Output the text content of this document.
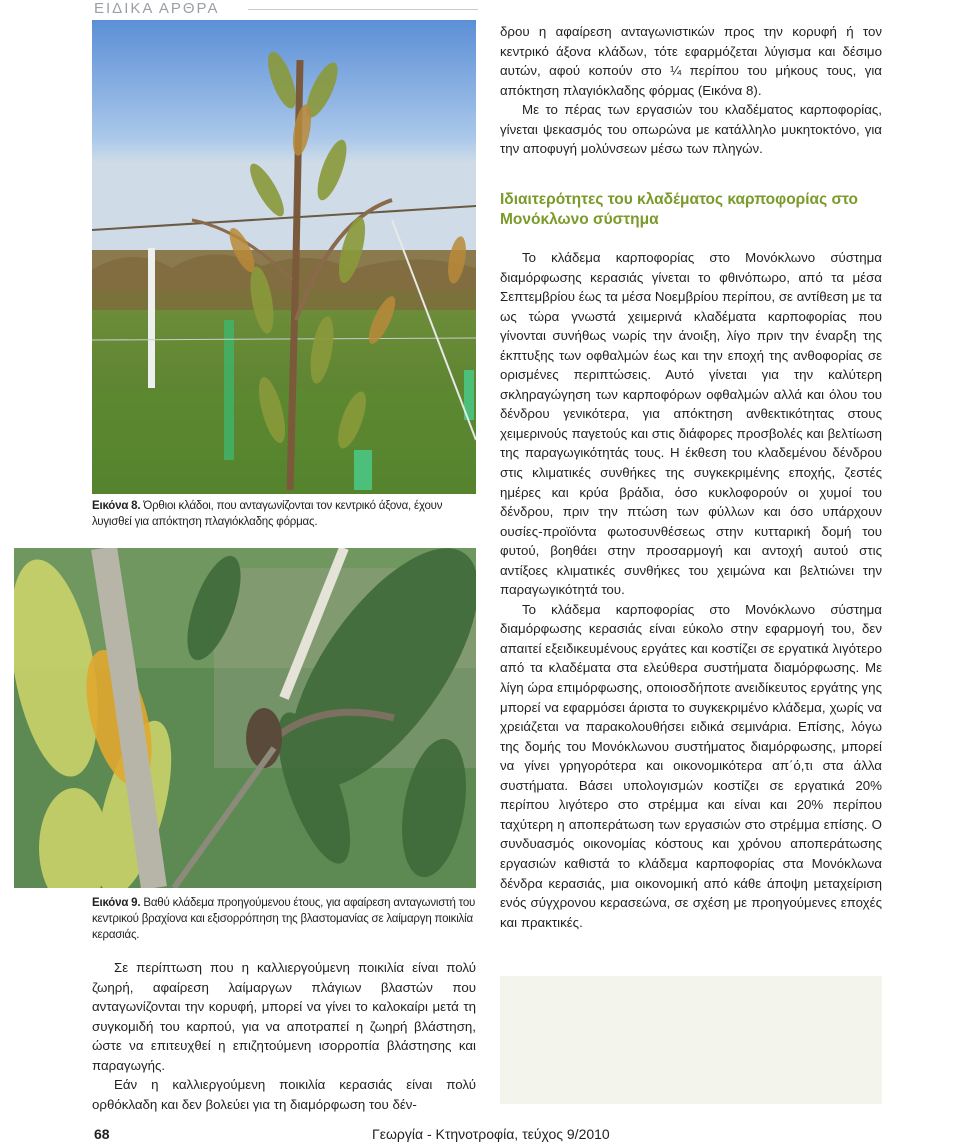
ΕΙΔΙΚΑ ΑΡΘΡΑ
Εικόνα 8. Όρθιοι κλάδοι, που ανταγωνίζονται τον κεντρικό άξονα, έχουν λυγισθεί για απόκτηση πλαγιόκλαδης φόρμας.
Εικόνα 9. Βαθύ κλάδεμα προηγούμενου έτους, για αφαίρεση ανταγωνιστή του κεντρικού βραχίονα και εξισορρόπηση της βλαστομανίας σε λαίμαργη ποικιλία κερασιάς.

Σε περίπτωση που η καλλιεργούμενη ποικιλία είναι πολύ ζωηρή, αφαίρεση λαίμαργων πλάγιων βλαστών που ανταγωνίζονται την κορυφή, μπορεί να γίνει το καλοκαίρι μετά τη συγκομιδή του καρπού, για να αποτραπεί η ζωηρή βλάστηση, ώστε να επιτευχθεί η επιζητούμενη ισορροπία βλάστησης και παραγωγής.

Εάν η καλλιεργούμενη ποικιλία κερασιάς είναι πολύ ορθόκλαδη και δεν βολεύει για τη διαμόρφωση του δέν-

δρου η αφαίρεση ανταγωνιστικών προς την κορυφή ή τον κεντρικό άξονα κλάδων, τότε εφαρμόζεται λύγισμα και δέσιμο αυτών, αφού κοπούν στο ¼ περίπου του μήκους τους, για απόκτηση πλαγιόκλαδης φόρμας (Εικόνα 8).

Με το πέρας των εργασιών του κλαδέματος καρποφορίας, γίνεται ψεκασμός του οπωρώνα με κατάλληλο μυκητοκτόνο, για την αποφυγή μολύνσεων μέσω των πληγών.

Ιδιαιτερότητες του κλαδέματος καρποφορίας στο Μονόκλωνο σύστημα

Το κλάδεμα καρποφορίας στο Μονόκλωνο σύστημα διαμόρφωσης κερασιάς γίνεται το φθινόπωρο, από τα μέσα Σεπτεμβρίου έως τα μέσα Νοεμβρίου περίπου, σε αντίθεση με τα ως τώρα γνωστά χειμερινά κλαδέματα καρποφορίας που γίνονται συνήθως νωρίς την άνοιξη, λίγο πριν την έναρξη της έκπτυξης των οφθαλμών έως και την εποχή της ανθοφορίας σε ορισμένες περιπτώσεις. Αυτό γίνεται για την καλύτερη σκληραγώγηση των καρποφόρων οφθαλμών αλλά και όλου του δένδρου γενικότερα, για απόκτηση ανθεκτικότητας στους χειμερινούς παγετούς και στις διάφορες προσβολές και βελτίωση της παραγωγικότητάς τους. Η έκθεση του κλαδεμένου δένδρου στις κλιματικές συνθήκες της συγκεκριμένης εποχής, ζεστές ημέρες και κρύα βράδια, όσο κυκλοφορούν οι χυμοί του δένδρου, πριν την πτώση των φύλλων και όσο υπάρχουν ουσίες-προϊόντα φωτοσυνθέσεως στην κυτταρική δομή του φυτού, βοηθάει στην προσαρμογή και αντοχή αυτού στις αντίξοες κλιματικές συνθήκες του χειμώνα και βελτιώνει την παραγωγικότητά του.

Το κλάδεμα καρποφορίας στο Μονόκλωνο σύστημα διαμόρφωσης κερασιάς είναι εύκολο στην εφαρμογή του, δεν απαιτεί εξειδικευμένους εργάτες και κοστίζει σε εργατικά λιγότερο από τα κλαδέματα στα ελεύθερα συστήματα διαμόρφωσης. Με λίγη ώρα επιμόρφωσης, οποιοσδήποτε ανειδίκευτος εργάτης γης μπορεί να εφαρμόσει άριστα το συγκεκριμένο κλάδεμα, χωρίς να χρειάζεται να παρακολουθήσει ειδικά σεμινάρια. Επίσης, λόγω της δομής του Μονόκλωνου συστήματος διαμόρφωσης, μπορεί να γίνει γρηγορότερα και οικονομικότερα απ΄ό,τι στα άλλα συστήματα. Βάσει υπολογισμών κοστίζει σε εργατικά 20% περίπου λιγότερο στο στρέμμα και είναι και 20% περίπου ταχύτερη η αποπεράτωση των εργασιών στο στρέμμα επίσης. Ο συνδυασμός οικονομίας κόστους και χρόνου αποπεράτωσης εργασιών καθιστά το κλάδεμα καρποφορίας στα Μονόκλωνα δένδρα κερασιάς, μια οικονομική από κάθε άποψη μεταχείριση ενός σύγχρονου κερασεώνα, σε σχέση με προηγούμενες εποχές και πρακτικές.

68	Γεωργία - Κτηνοτροφία, τεύχος 9/2010
